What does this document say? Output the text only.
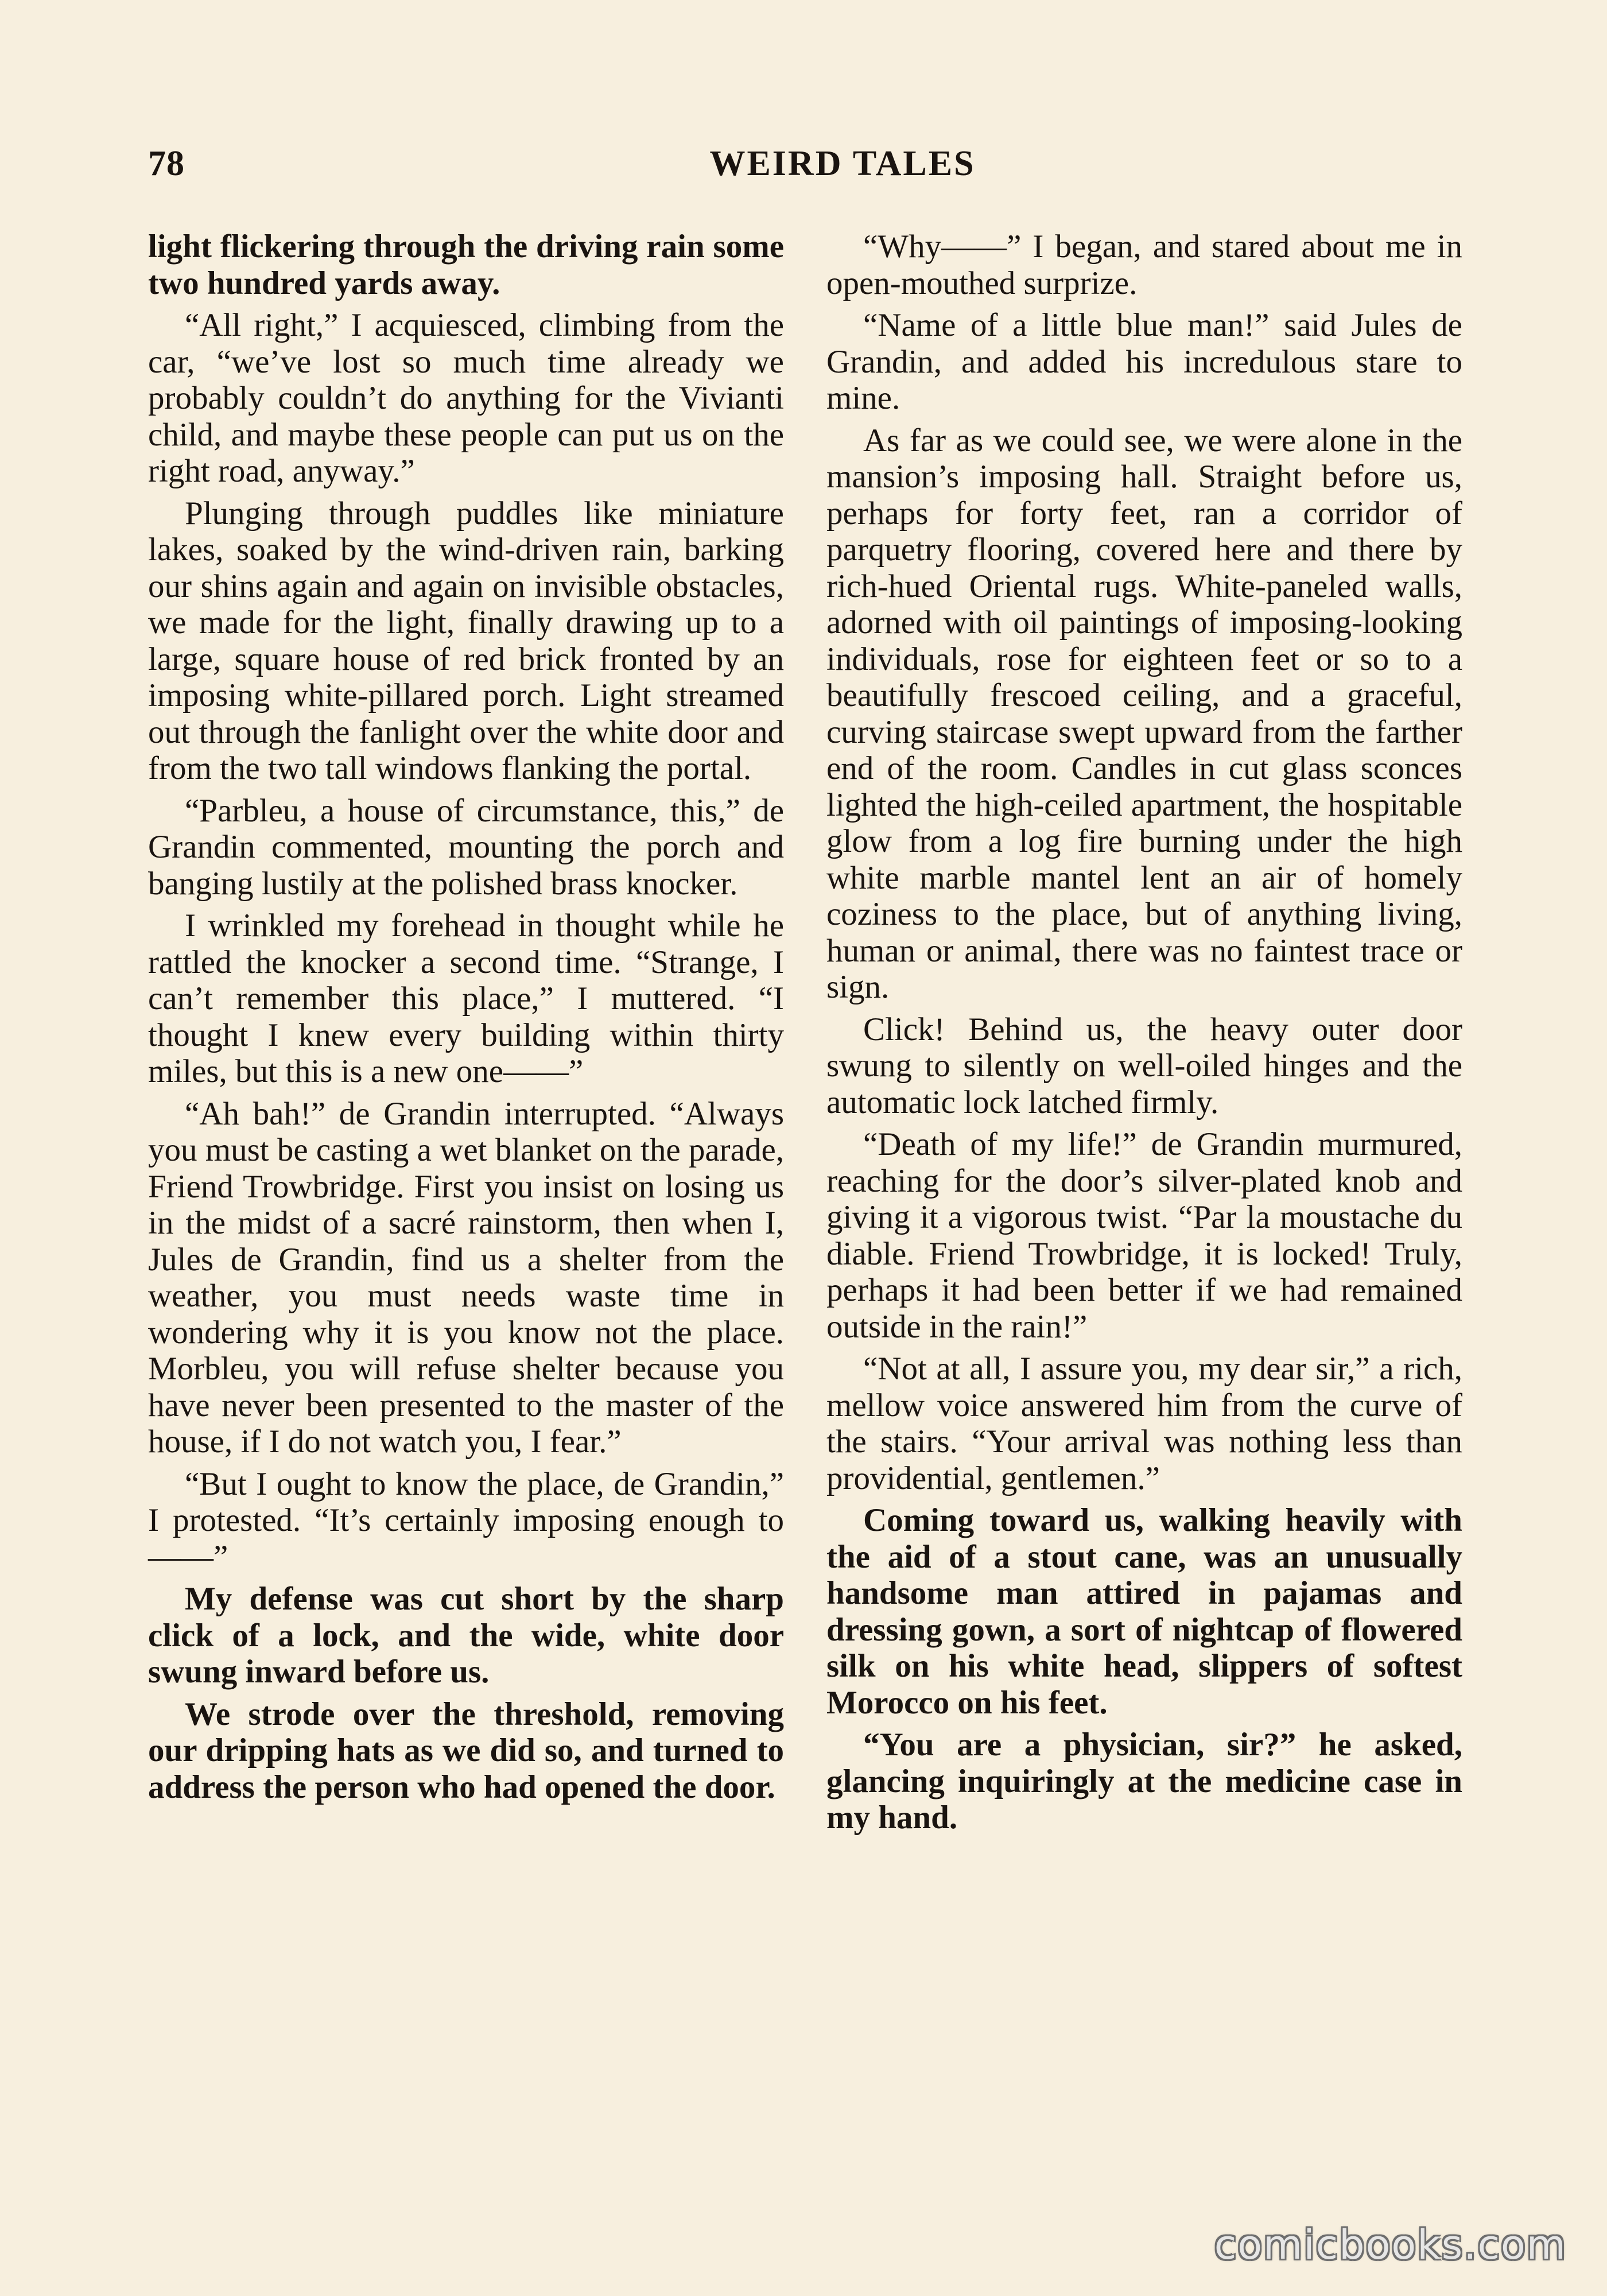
78	WEIRD TALES

light flickering through the driving rain some two hundred yards away.

“All right,” I acquiesced, climbing from the car, “we’ve lost so much time already we probably couldn’t do anything for the Vivianti child, and maybe these people can put us on the right road, anyway.”

Plunging through puddles like miniature lakes, soaked by the wind-driven rain, barking our shins again and again on invisible obstacles, we made for the light, finally drawing up to a large, square house of red brick fronted by an imposing white-pillared porch. Light streamed out through the fanlight over the white door and from the two tall windows flanking the portal.

“Parbleu, a house of circumstance, this,” de Grandin commented, mounting the porch and banging lustily at the polished brass knocker.

I wrinkled my forehead in thought while he rattled the knocker a second time. “Strange, I can’t remember this place,” I muttered. “I thought I knew every building within thirty miles, but this is a new one——”

“Ah bah!” de Grandin interrupted. “Always you must be casting a wet blanket on the parade, Friend Trowbridge. First you insist on losing us in the midst of a sacré rainstorm, then when I, Jules de Grandin, find us a shelter from the weather, you must needs waste time in wondering why it is you know not the place. Morbleu, you will refuse shelter because you have never been presented to the master of the house, if I do not watch you, I fear.”

“But I ought to know the place, de Grandin,” I protested. “It’s certainly imposing enough to——”

My defense was cut short by the sharp click of a lock, and the wide, white door swung inward before us.

We strode over the threshold, removing our dripping hats as we did so, and turned to address the person who had opened the door.

“Why——” I began, and stared about me in open-mouthed surprize.

“Name of a little blue man!” said Jules de Grandin, and added his incredulous stare to mine.

As far as we could see, we were alone in the mansion’s imposing hall. Straight before us, perhaps for forty feet, ran a corridor of parquetry flooring, covered here and there by rich-hued Oriental rugs. White-paneled walls, adorned with oil paintings of imposing-looking individuals, rose for eighteen feet or so to a beautifully frescoed ceiling, and a graceful, curving staircase swept upward from the farther end of the room. Candles in cut glass sconces lighted the high-ceiled apartment, the hospitable glow from a log fire burning under the high white marble mantel lent an air of homely coziness to the place, but of anything living, human or animal, there was no faintest trace or sign.

Click! Behind us, the heavy outer door swung to silently on well-oiled hinges and the automatic lock latched firmly.

“Death of my life!” de Grandin murmured, reaching for the door’s silver-plated knob and giving it a vigorous twist. “Par la moustache du diable. Friend Trowbridge, it is locked! Truly, perhaps it had been better if we had remained outside in the rain!”

“Not at all, I assure you, my dear sir,” a rich, mellow voice answered him from the curve of the stairs. “Your arrival was nothing less than providential, gentlemen.”

Coming toward us, walking heavily with the aid of a stout cane, was an unusually handsome man attired in pajamas and dressing gown, a sort of nightcap of flowered silk on his white head, slippers of softest Morocco on his feet.

“You are a physician, sir?” he asked, glancing inquiringly at the medicine case in my hand.

comicbooks.com
